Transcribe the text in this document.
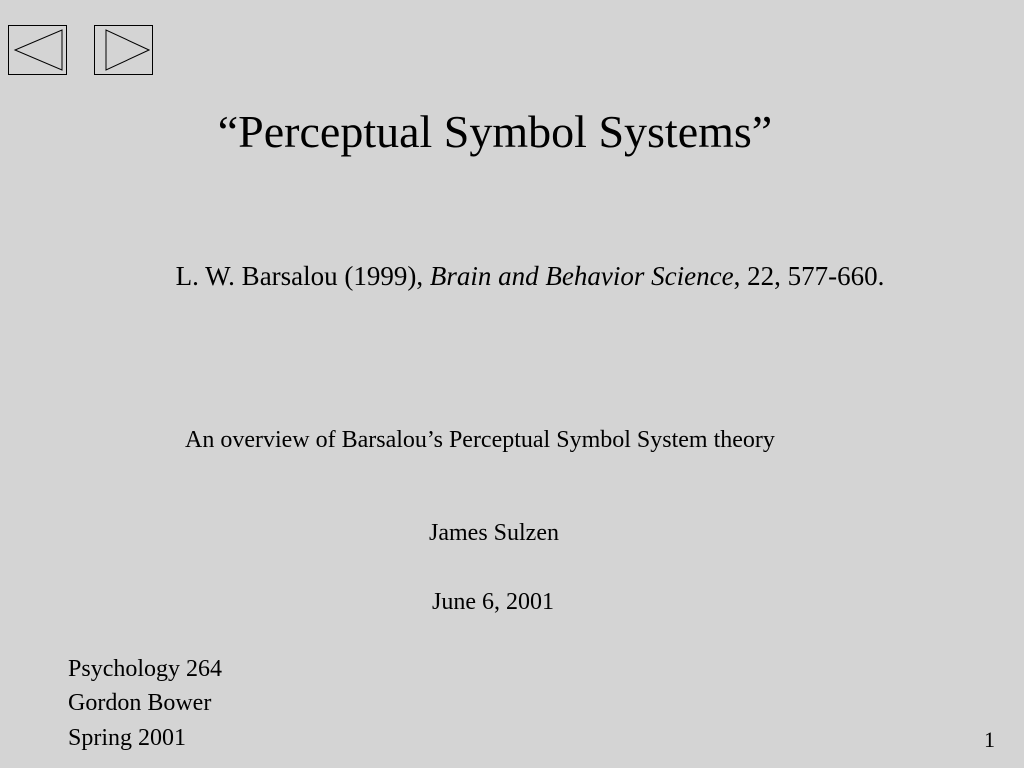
“Perceptual Symbol Systems”
L. W. Barsalou (1999), Brain and Behavior Science, 22, 577-660.
An overview of Barsalou’s Perceptual Symbol System theory
James Sulzen
June 6, 2001
Psychology 264
Gordon Bower
Spring 2001	1
